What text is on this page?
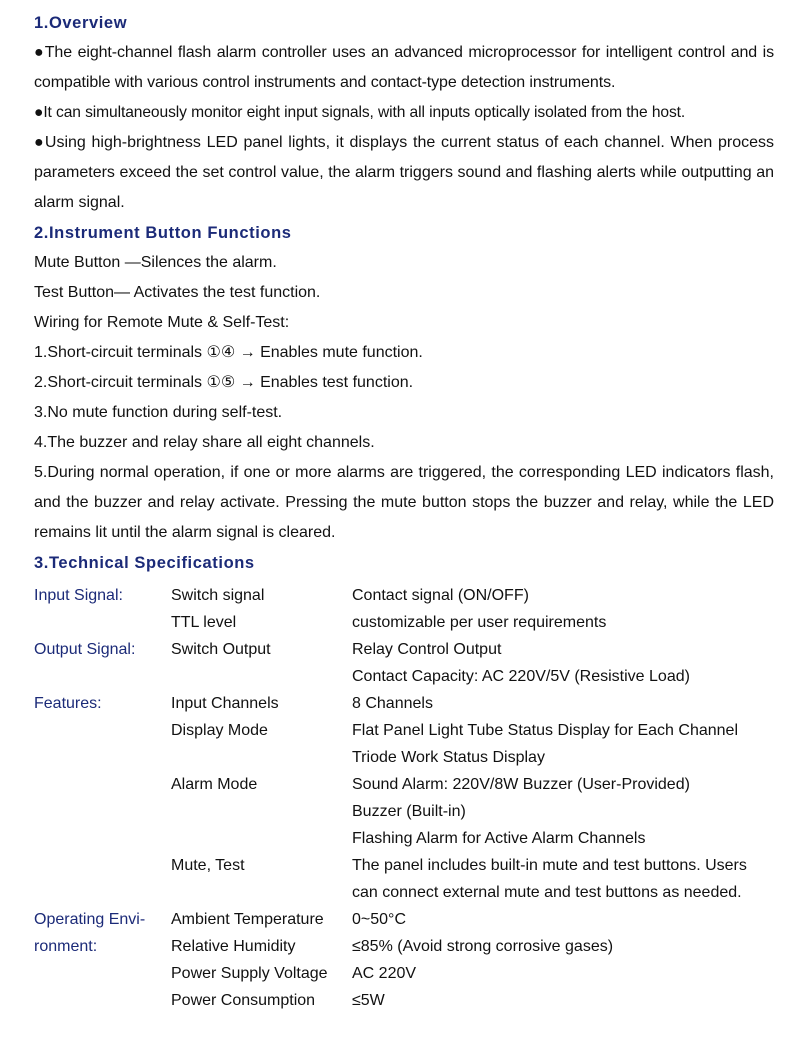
1.Overview
●The eight-channel flash alarm controller uses an advanced microprocessor for intelligent control and is compatible with various control instruments and contact-type detection instruments.
●It can simultaneously monitor eight input signals, with all inputs optically isolated from the host.
●Using high-brightness LED panel lights, it displays the current status of each channel. When process parameters exceed the set control value, the alarm triggers sound and flashing alerts while outputting an alarm signal.
2.Instrument Button Functions
Mute Button —Silences the alarm.
Test Button— Activates the test function.
Wiring for Remote Mute & Self-Test:
1.Short-circuit terminals ①④ → Enables mute function.
2.Short-circuit terminals ①⑤ → Enables test function.
3.No mute function during self-test.
4.The buzzer and relay share all eight channels.
5.During normal operation, if one or more alarms are triggered, the corresponding LED indicators flash, and the buzzer and relay activate. Pressing the mute button stops the buzzer and relay, while the LED remains lit until the alarm signal is cleared.
3.Technical Specifications
Input Signal:	Switch signal	Contact signal (ON/OFF)
	TTL level	customizable per user requirements
Output Signal:	Switch Output	Relay Control Output
		Contact Capacity: AC 220V/5V (Resistive Load)
Features:	Input Channels	8 Channels
	Display Mode	Flat Panel Light Tube Status Display for Each Channel
		Triode Work Status Display
	Alarm Mode	Sound Alarm: 220V/8W Buzzer (User-Provided)
		Buzzer (Built-in)
		Flashing Alarm for Active Alarm Channels
	Mute, Test	The panel includes built-in mute and test buttons. Users
		can connect external mute and test buttons as needed.
Operating Envi-	Ambient Temperature	0~50°C
ronment:	Relative Humidity	≤85% (Avoid strong corrosive gases)
	Power Supply Voltage	AC 220V
	Power Consumption	≤5W
